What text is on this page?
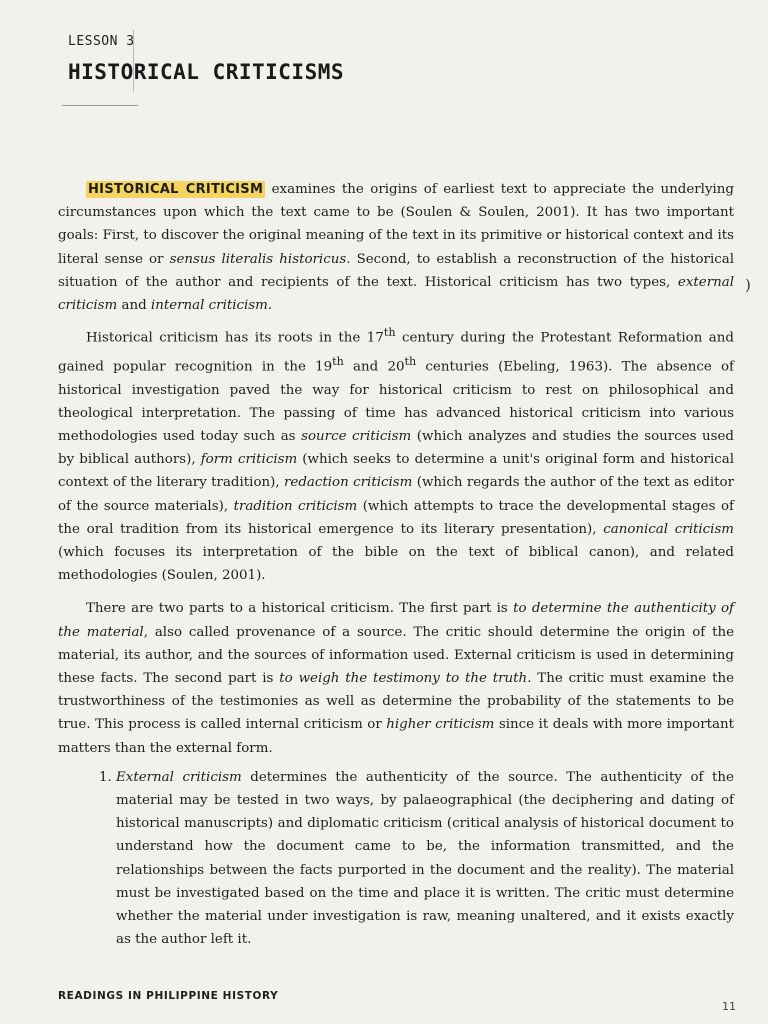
LESSON 3
HISTORICAL CRITICISMS

HISTORICAL CRITICISM examines the origins of earliest text to appreciate the underlying circumstances upon which the text came to be (Soulen & Soulen, 2001). It has two important goals: First, to discover the original meaning of the text in its primitive or historical context and its literal sense or sensus literalis historicus. Second, to establish a reconstruction of the historical situation of the author and recipients of the text. Historical criticism has two types, external criticism and internal criticism.

Historical criticism has its roots in the 17th century during the Protestant Reformation and gained popular recognition in the 19th and 20th centuries (Ebeling, 1963). The absence of historical investigation paved the way for historical criticism to rest on philosophical and theological interpretation. The passing of time has advanced historical criticism into various methodologies used today such as source criticism (which analyzes and studies the sources used by biblical authors), form criticism (which seeks to determine a unit's original form and historical context of the literary tradition), redaction criticism (which regards the author of the text as editor of the source materials), tradition criticism (which attempts to trace the developmental stages of the oral tradition from its historical emergence to its literary presentation), canonical criticism (which focuses its interpretation of the bible on the text of biblical canon), and related methodologies (Soulen, 2001).

There are two parts to a historical criticism. The first part is to determine the authenticity of the material, also called provenance of a source. The critic should determine the origin of the material, its author, and the sources of information used. External criticism is used in determining these facts. The second part is to weigh the testimony to the truth. The critic must examine the trustworthiness of the testimonies as well as determine the probability of the statements to be true. This process is called internal criticism or higher criticism since it deals with more important matters than the external form.

1. External criticism determines the authenticity of the source. The authenticity of the material may be tested in two ways, by palaeographical (the deciphering and dating of historical manuscripts) and diplomatic criticism (critical analysis of historical document to understand how the document came to be, the information transmitted, and the relationships between the facts purported in the document and the reality). The material must be investigated based on the time and place it is written. The critic must determine whether the material under investigation is raw, meaning unaltered, and it exists exactly as the author left it.
)
READINGS IN PHILIPPINE HISTORY
11
